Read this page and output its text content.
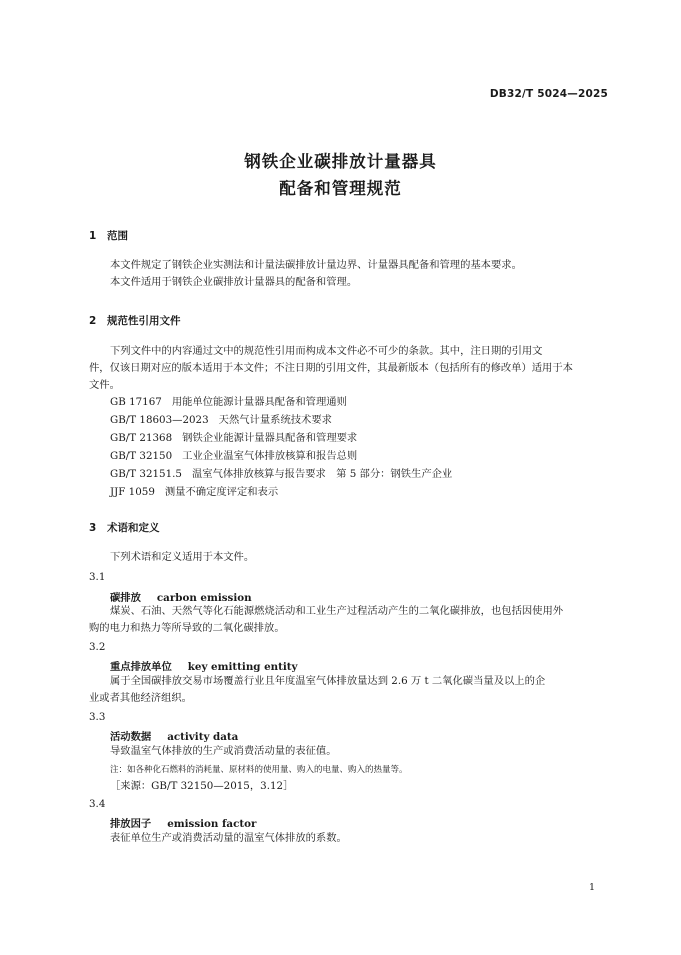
DB32/T 5024—2025
钢铁企业碳排放计量器具
配备和管理规范
1 范围
本文件规定了钢铁企业实测法和计量法碳排放计量边界、计量器具配备和管理的基本要求。
本文件适用于钢铁企业碳排放计量器具的配备和管理。
2 规范性引用文件
下列文件中的内容通过文中的规范性引用而构成本文件必不可少的条款。其中，注日期的引用文
件，仅该日期对应的版本适用于本文件；不注日期的引用文件，其最新版本（包括所有的修改单）适用于本
文件。
GB 17167 用能单位能源计量器具配备和管理通则
GB/T 18603—2023 天然气计量系统技术要求
GB/T 21368 钢铁企业能源计量器具配备和管理要求
GB/T 32150 工业企业温室气体排放核算和报告总则
GB/T 32151.5 温室气体排放核算与报告要求　第 5 部分：钢铁生产企业
JJF 1059 测量不确定度评定和表示
3 术语和定义
下列术语和定义适用于本文件。
3.1
碳排放 carbon emission
煤炭、石油、天然气等化石能源燃烧活动和工业生产过程活动产生的二氧化碳排放，也包括因使用外
购的电力和热力等所导致的二氧化碳排放。
3.2
重点排放单位 key emitting entity
属于全国碳排放交易市场覆盖行业且年度温室气体排放量达到 2.6 万 t 二氧化碳当量及以上的企
业或者其他经济组织。
3.3
活动数据 activity data
导致温室气体排放的生产或消费活动量的表征值。
注：如各种化石燃料的消耗量、原材料的使用量、购入的电量、购入的热量等。
［来源：GB/T 32150—2015，3.12］
3.4
排放因子 emission factor
表征单位生产或消费活动量的温室气体排放的系数。
1
